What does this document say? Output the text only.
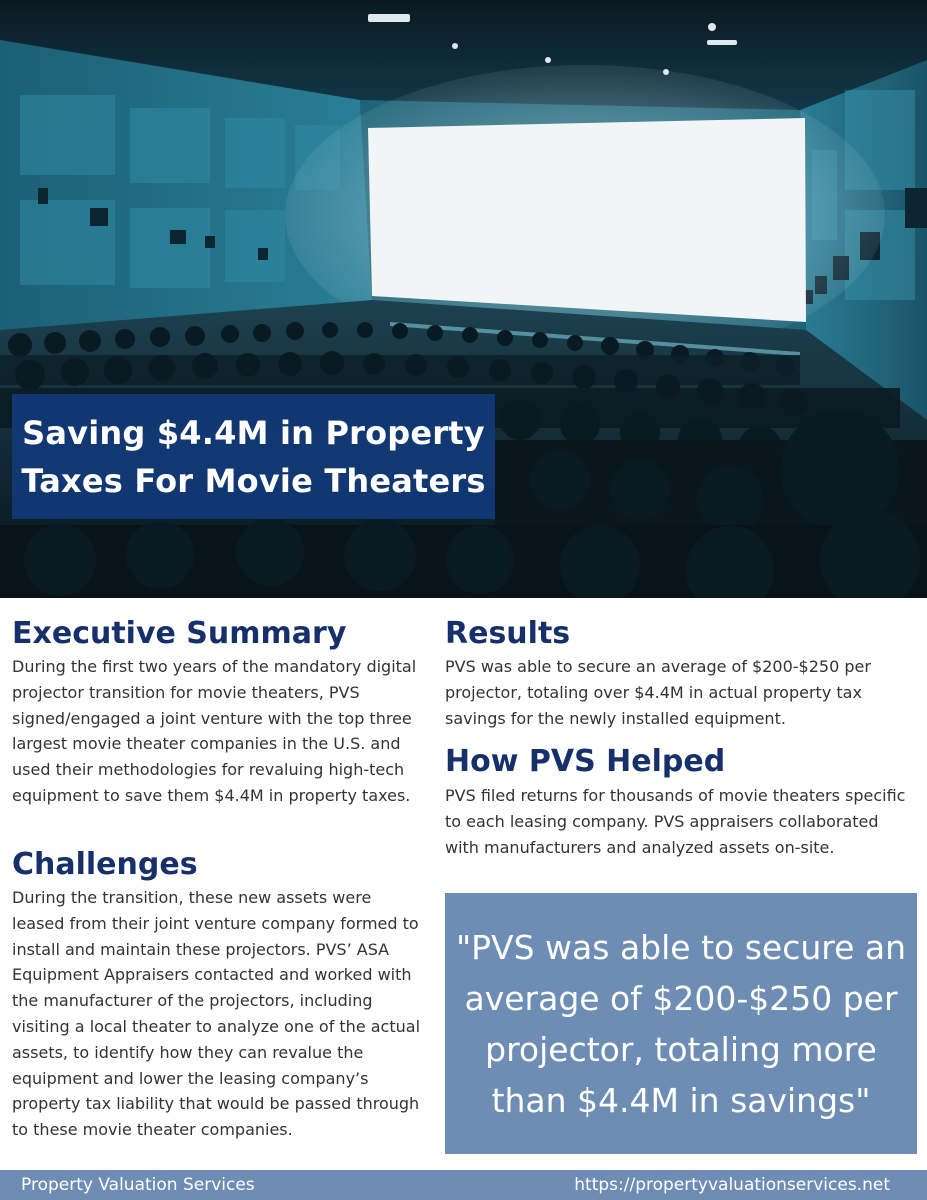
Saving $4.4M in Property Taxes For Movie Theaters
Executive Summary

During the first two years of the mandatory digital projector transition for movie theaters, PVS signed/engaged a joint venture with the top three largest movie theater companies in the U.S. and used their methodologies for revaluing high-tech equipment to save them $4.4M in property taxes.

Challenges

During the transition, these new assets were leased from their joint venture company formed to install and maintain these projectors. PVS’ ASA Equipment Appraisers contacted and worked with the manufacturer of the projectors, including visiting a local theater to analyze one of the actual assets, to identify how they can revalue the equipment and lower the leasing company’s property tax liability that would be passed through to these movie theater companies.

Results

PVS was able to secure an average of $200-$250 per projector, totaling over $4.4M in actual property tax savings for the newly installed equipment.

How PVS Helped

PVS filed returns for thousands of movie theaters specific to each leasing company. PVS appraisers collaborated with manufacturers and analyzed assets on-site.

"PVS was able to secure an average of $200-$250 per projector, totaling more than $4.4M in savings"

Property Valuation Services	https://propertyvaluationservices.net
